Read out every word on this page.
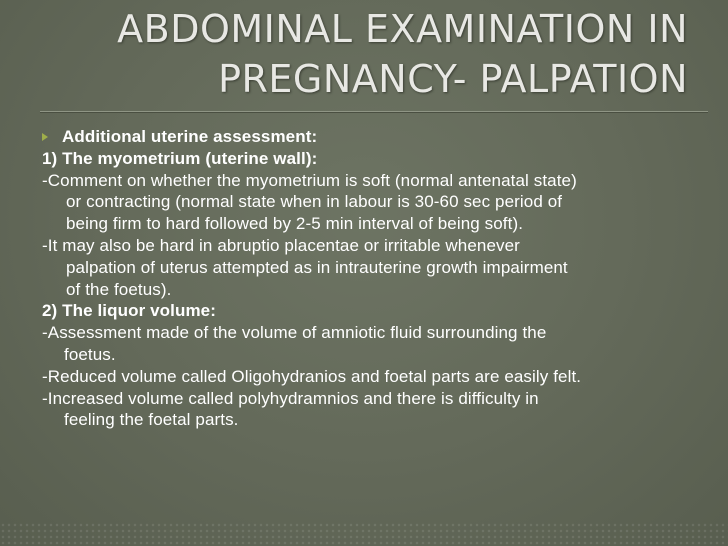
ABDOMINAL EXAMINATION IN
PREGNANCY- PALPATION
Additional uterine assessment:
1) The myometrium (uterine wall):
-Comment on whether the myometrium is soft (normal antenatal state)
or contracting (normal state when in labour is 30-60 sec period of
being firm to hard followed by 2-5 min interval of being soft).
-It may also be hard in abruptio placentae or irritable whenever
palpation of uterus attempted as in intrauterine growth impairment
of the foetus).
2) The liquor volume:
-Assessment made of the volume of amniotic fluid surrounding the
foetus.
-Reduced volume called Oligohydranios and foetal parts are easily felt.
-Increased volume called polyhydramnios and there is difficulty in
feeling the foetal parts.
